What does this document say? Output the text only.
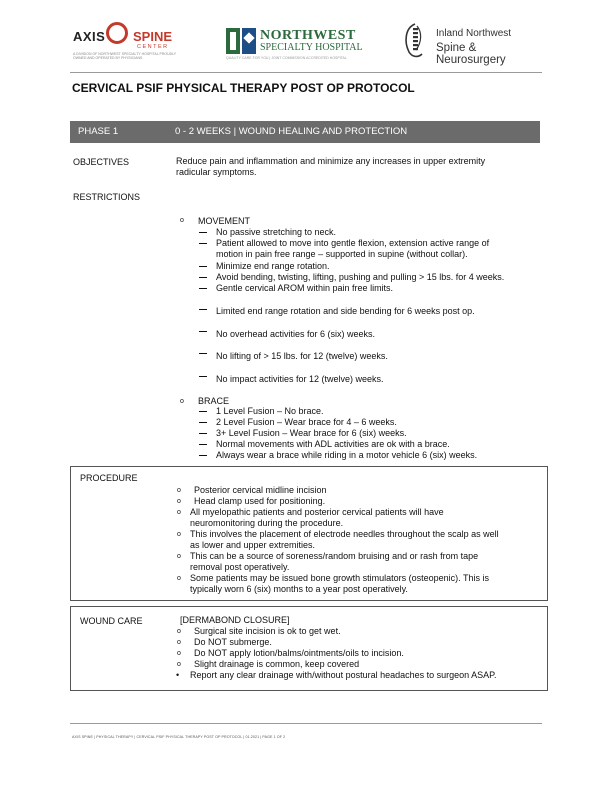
AXIS SPINE
CENTER
A DIVISION OF NORTHWEST SPECIALTY HOSPITAL PROUDLY OWNED AND OPERATED BY PHYSICIANS
NORTHWEST
SPECIALTY HOSPITAL
QUALITY CARE FOR YOU | JOINT COMMISSION ACCREDITED HOSPITAL
Inland Northwest
Spine & Neurosurgery
CERVICAL PSIF PHYSICAL THERAPY POST OP PROTOCOL
PHASE 1	0 - 2 WEEKS | WOUND HEALING AND PROTECTION
OBJECTIVES	Reduce pain and inflammation and minimize any increases in upper extremity
radicular symptoms.
RESTRICTIONS
o MOVEMENT
No passive stretching to neck.
Patient allowed to move into gentle flexion, extension active range of
motion in pain free range – supported in supine (without collar).
Minimize end range rotation.
Avoid bending, twisting, lifting, pushing and pulling > 15 lbs. for 4 weeks.
Gentle cervical AROM within pain free limits.
Limited end range rotation and side bending for 6 weeks post op.
No overhead activities for 6 (six) weeks.
No lifting of > 15 lbs. for 12 (twelve) weeks.
No impact activities for 12 (twelve) weeks.
o BRACE
1 Level Fusion – No brace.
2 Level Fusion – Wear brace for 4 – 6 weeks.
3+ Level Fusion – Wear brace for 6 (six) weeks.
Normal movements with ADL activities are ok with a brace.
Always wear a brace while riding in a motor vehicle 6 (six) weeks.
PROCEDURE
o Posterior cervical midline incision
o Head clamp used for positioning.
o All myelopathic patients and posterior cervical patients will have
neuromonitoring during the procedure.
o This involves the placement of electrode needles throughout the scalp as well
as lower and upper extremities.
o This can be a source of soreness/random bruising and or rash from tape
removal post operatively.
o Some patients may be issued bone growth stimulators (osteopenic). This is
typically worn 6 (six) months to a year post operatively.
WOUND CARE	[DERMABOND CLOSURE]
o Surgical site incision is ok to get wet.
o Do NOT submerge.
o Do NOT apply lotion/balms/ointments/oils to incision.
o Slight drainage is common, keep covered
• Report any clear drainage with/without postural headaches to surgeon ASAP.
AXIS SPINE | PHYSICAL THERAPY | CERVICAL PSIF PHYSICAL THERAPY POST OP PROTOCOL | 01.2021 | PAGE 1 OF 2
